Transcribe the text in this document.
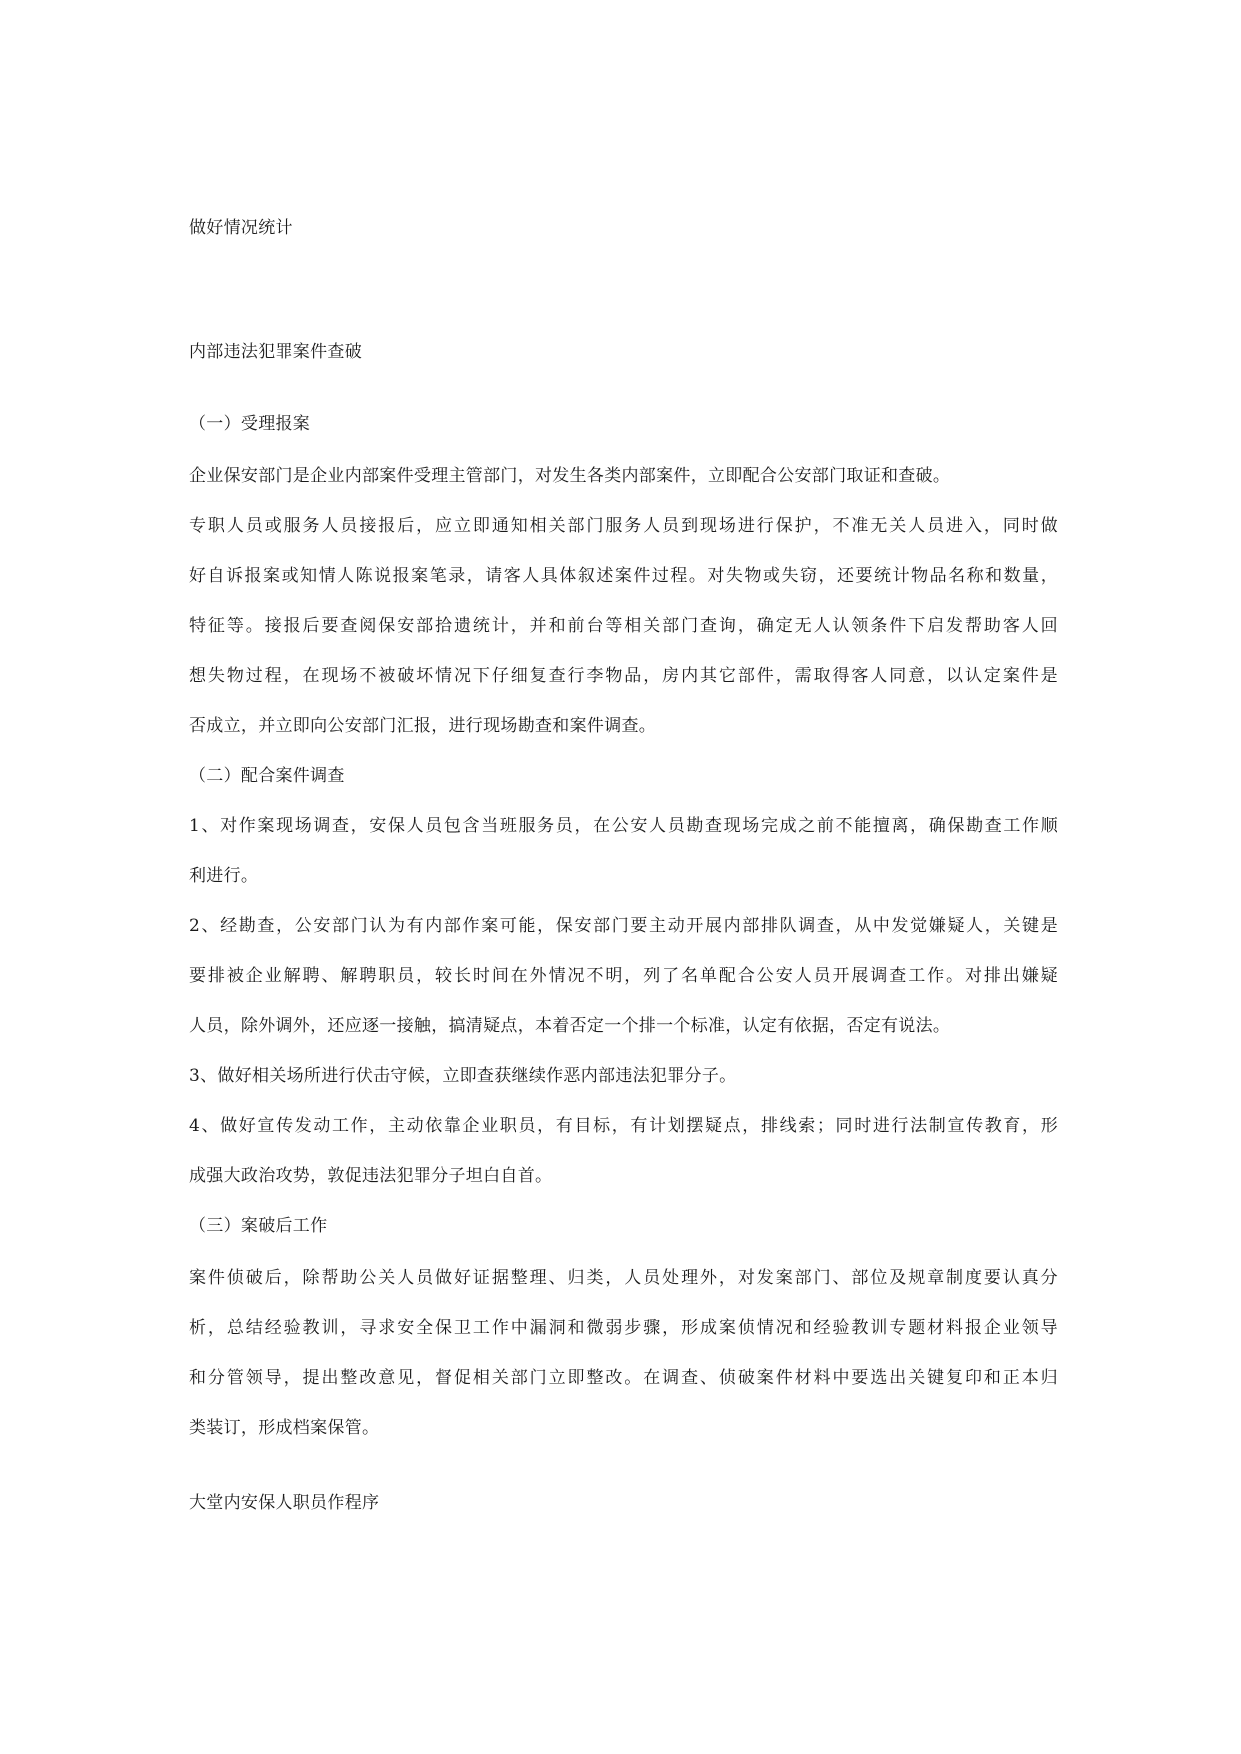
做好情况统计
内部违法犯罪案件查破
（一）受理报案
企业保安部门是企业内部案件受理主管部门，对发生各类内部案件，立即配合公安部门取证和查破。
专职人员或服务人员接报后，应立即通知相关部门服务人员到现场进行保护，不准无关人员进入，同时做
好自诉报案或知情人陈说报案笔录，请客人具体叙述案件过程。对失物或失窃，还要统计物品名称和数量，
特征等。接报后要查阅保安部拾遗统计，并和前台等相关部门查询，确定无人认领条件下启发帮助客人回
想失物过程，在现场不被破坏情况下仔细复查行李物品，房内其它部件，需取得客人同意，以认定案件是
否成立，并立即向公安部门汇报，进行现场勘查和案件调查。
（二）配合案件调查
1、对作案现场调查，安保人员包含当班服务员，在公安人员勘查现场完成之前不能擅离，确保勘查工作顺
利进行。
2、经勘查，公安部门认为有内部作案可能，保安部门要主动开展内部排队调查，从中发觉嫌疑人，关键是
要排被企业解聘、解聘职员，较长时间在外情况不明，列了名单配合公安人员开展调查工作。对排出嫌疑
人员，除外调外，还应逐一接触，搞清疑点，本着否定一个排一个标准，认定有依据，否定有说法。
3、做好相关场所进行伏击守候，立即查获继续作恶内部违法犯罪分子。
4、做好宣传发动工作，主动依靠企业职员，有目标，有计划摆疑点，排线索；同时进行法制宣传教育，形
成强大政治攻势，敦促违法犯罪分子坦白自首。
（三）案破后工作
案件侦破后，除帮助公关人员做好证据整理、归类，人员处理外，对发案部门、部位及规章制度要认真分
析，总结经验教训，寻求安全保卫工作中漏洞和微弱步骤，形成案侦情况和经验教训专题材料报企业领导
和分管领导，提出整改意见，督促相关部门立即整改。在调查、侦破案件材料中要选出关键复印和正本归
类装订，形成档案保管。
大堂内安保人职员作程序
